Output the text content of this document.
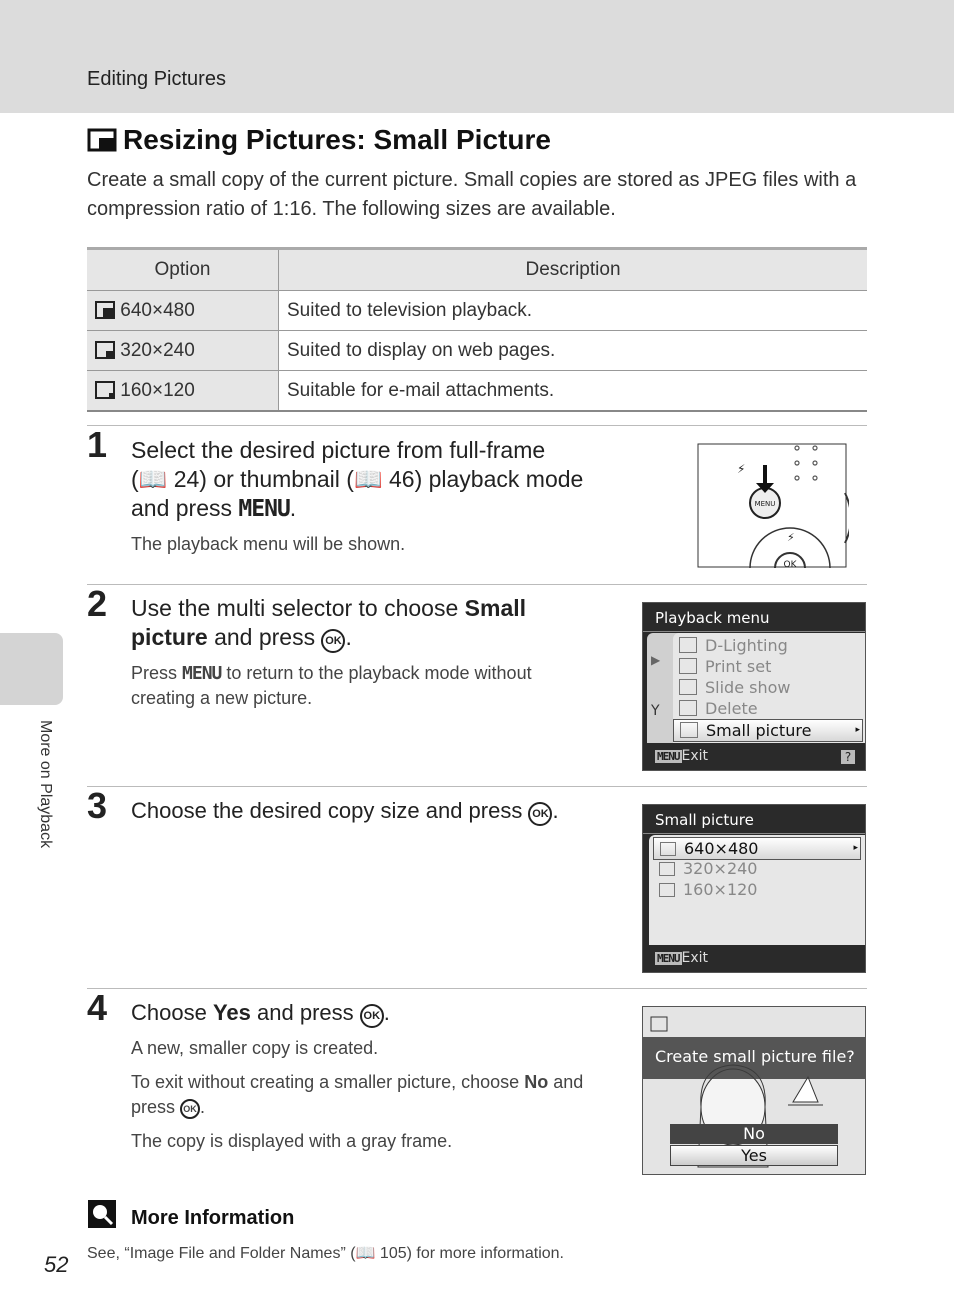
Editing Pictures
More on Playback
Resizing Pictures: Small Picture
Create a small copy of the current picture. Small copies are stored as JPEG files with a compression ratio of 1:16. The following sizes are available.
Option	Description
640×480	Suited to television playback.
320×240	Suited to display on web pages.
160×120	Suitable for e-mail attachments.
1 Select the desired picture from full-frame
(📖 24) or thumbnail (📖 46) playback mode
and press MENU.
The playback menu will be shown.
⚡
MENU
⚡
OK
2 Use the multi selector to choose Small picture and press OK .
Press MENU to return to the playback mode without creating a new picture.
Playback menu
▶
Y
D-Lighting
Print set
Slide show
Delete
Small picture	▸
MENU Exit	?
3 Choose the desired copy size and press OK .	Small picture
640×480	▸
320×240
160×120
MENU Exit
4 Choose Yes and press OK .
A new, smaller copy is created.
To exit without creating a smaller picture, choose No and press OK .
The copy is displayed with a gray frame.
Create small picture file?
No
Yes
More Information
See, “Image File and Folder Names” (📖 105) for more information.
52
